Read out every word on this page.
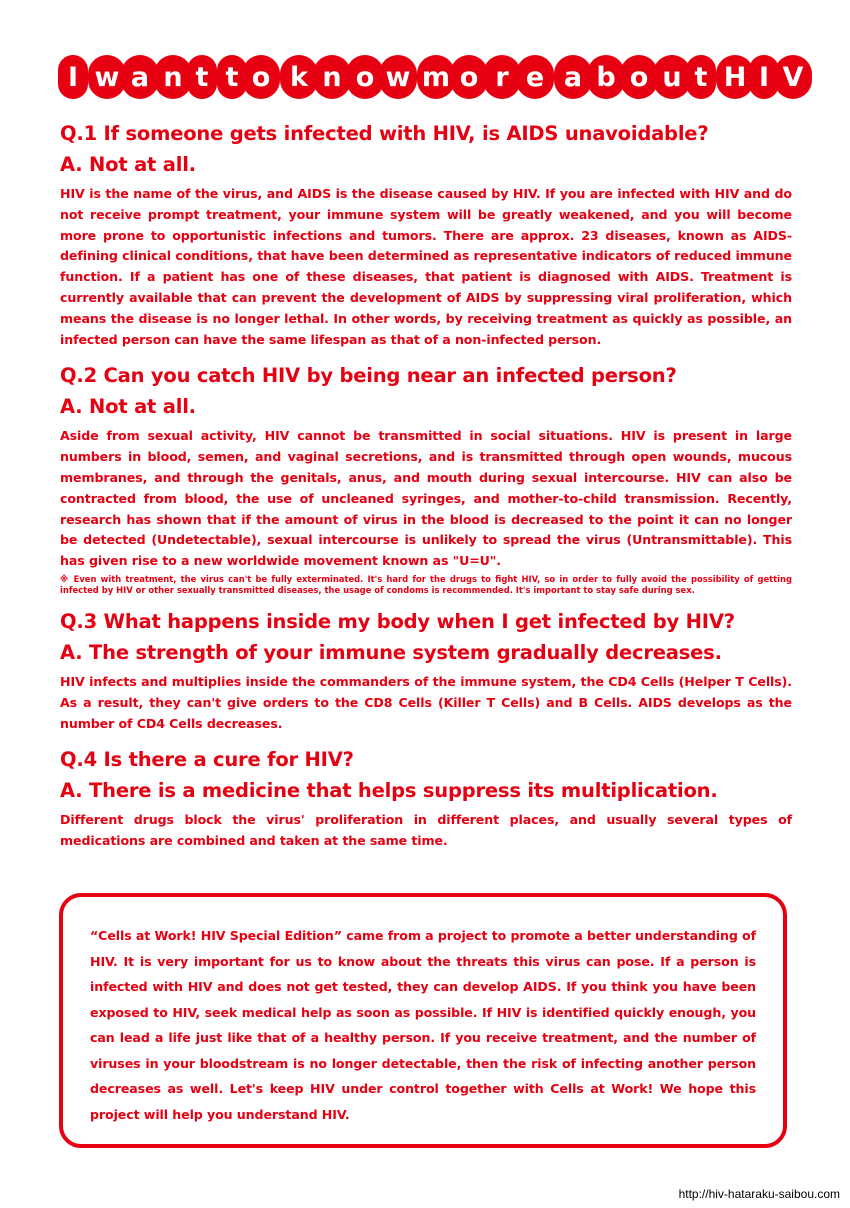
I w a n t t o k n o w m o r e a b o u t H I V
Q.1 If someone gets infected with HIV, is AIDS unavoidable?
A. Not at all.

HIV is the name of the virus, and AIDS is the disease caused by HIV. If you are infected with HIV and do not receive prompt treatment, your immune system will be greatly weakened, and you will become more prone to opportunistic infections and tumors. There are approx. 23 diseases, known as AIDS-defining clinical conditions, that have been determined as representative indicators of reduced immune function. If a patient has one of these diseases, that patient is diagnosed with AIDS. Treatment is currently available that can prevent the development of AIDS by suppressing viral proliferation, which means the disease is no longer lethal. In other words, by receiving treatment as quickly as possible, an infected person can have the same lifespan as that of a non-infected person.

Q.2 Can you catch HIV by being near an infected person?
A. Not at all.

Aside from sexual activity, HIV cannot be transmitted in social situations. HIV is present in large numbers in blood, semen, and vaginal secretions, and is transmitted through open wounds, mucous membranes, and through the genitals, anus, and mouth during sexual intercourse. HIV can also be contracted from blood, the use of uncleaned syringes, and mother-to-child transmission. Recently, research has shown that if the amount of virus in the blood is decreased to the point it can no longer be detected (Undetectable), sexual intercourse is unlikely to spread the virus (Untransmittable). This has given rise to a new worldwide movement known as "U=U".

※ Even with treatment, the virus can't be fully exterminated. It's hard for the drugs to fight HIV, so in order to fully avoid the possibility of getting infected by HIV or other sexually transmitted diseases, the usage of condoms is recommended. It's important to stay safe during sex.

Q.3 What happens inside my body when I get infected by HIV?
A. The strength of your immune system gradually decreases.

HIV infects and multiplies inside the commanders of the immune system, the CD4 Cells (Helper T Cells). As a result, they can't give orders to the CD8 Cells (Killer T Cells) and B Cells. AIDS develops as the number of CD4 Cells decreases.

Q.4 Is there a cure for HIV?
A. There is a medicine that helps suppress its multiplication.

Different drugs block the virus' proliferation in different places, and usually several types of medications are combined and taken at the same time.

“Cells at Work! HIV Special Edition” came from a project to promote a better understanding of HIV. It is very important for us to know about the threats this virus can pose. If a person is infected with HIV and does not get tested, they can develop AIDS. If you think you have been exposed to HIV, seek medical help as soon as possible. If HIV is identified quickly enough, you can lead a life just like that of a healthy person. If you receive treatment, and the number of viruses in your bloodstream is no longer detectable, then the risk of infecting another person decreases as well. Let's keep HIV under control together with Cells at Work! We hope this project will help you understand HIV.

http://hiv-hataraku-saibou.com
